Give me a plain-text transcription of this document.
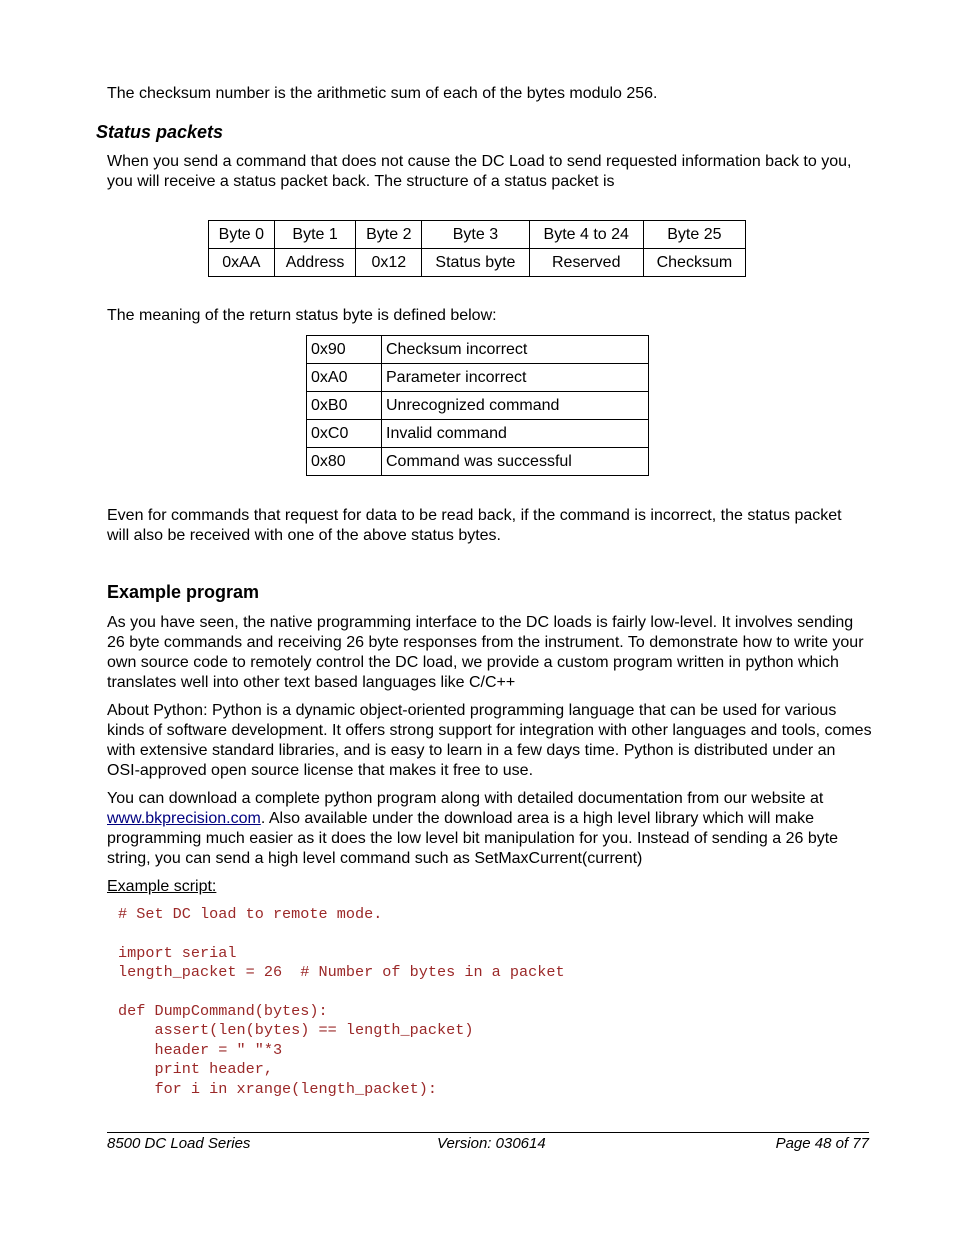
The checksum number is the arithmetic sum of each of the bytes modulo 256.

Status packets

When you send a command that does not cause the DC Load to send requested information back to you, you will receive a status packet back. The structure of a status packet is

Byte 0	Byte 1	Byte 2	Byte 3	Byte 4 to 24	Byte 25
0xAA	Address	0x12	Status byte	Reserved	Checksum

The meaning of the return status byte is defined below:

0x90	Checksum incorrect
0xA0	Parameter incorrect
0xB0	Unrecognized command
0xC0	Invalid command
0x80	Command was successful

Even for commands that request for data to be read back, if the command is incorrect, the status packet will also be received with one of the above status bytes.

Example program

As you have seen, the native programming interface to the DC loads is fairly low-level. It involves sending 26 byte commands and receiving 26 byte responses from the instrument. To demonstrate how to write your own source code to remotely control the DC load, we provide a custom program written in python which translates well into other text based languages like C/C++

About Python: Python is a dynamic object-oriented programming language that can be used for various kinds of software development. It offers strong support for integration with other languages and tools, comes with extensive standard libraries, and is easy to learn in a few days time. Python is distributed under an OSI-approved open source license that makes it free to use.

You can download a complete python program along with detailed documentation from our website at www.bkprecision.com. Also available under the download area is a high level library which will make programming much easier as it does the low level bit manipulation for you. Instead of sending a 26 byte string, you can send a high level command such as SetMaxCurrent(current)

Example script:

# Set DC load to remote mode.
import serial
length_packet = 26  # Number of bytes in a packet
def DumpCommand(bytes):
assert(len(bytes) == length_packet)
header = " "*3
print header,
for i in xrange(length_packet):
8500 DC Load Series	Version: 030614	Page 48 of 77
